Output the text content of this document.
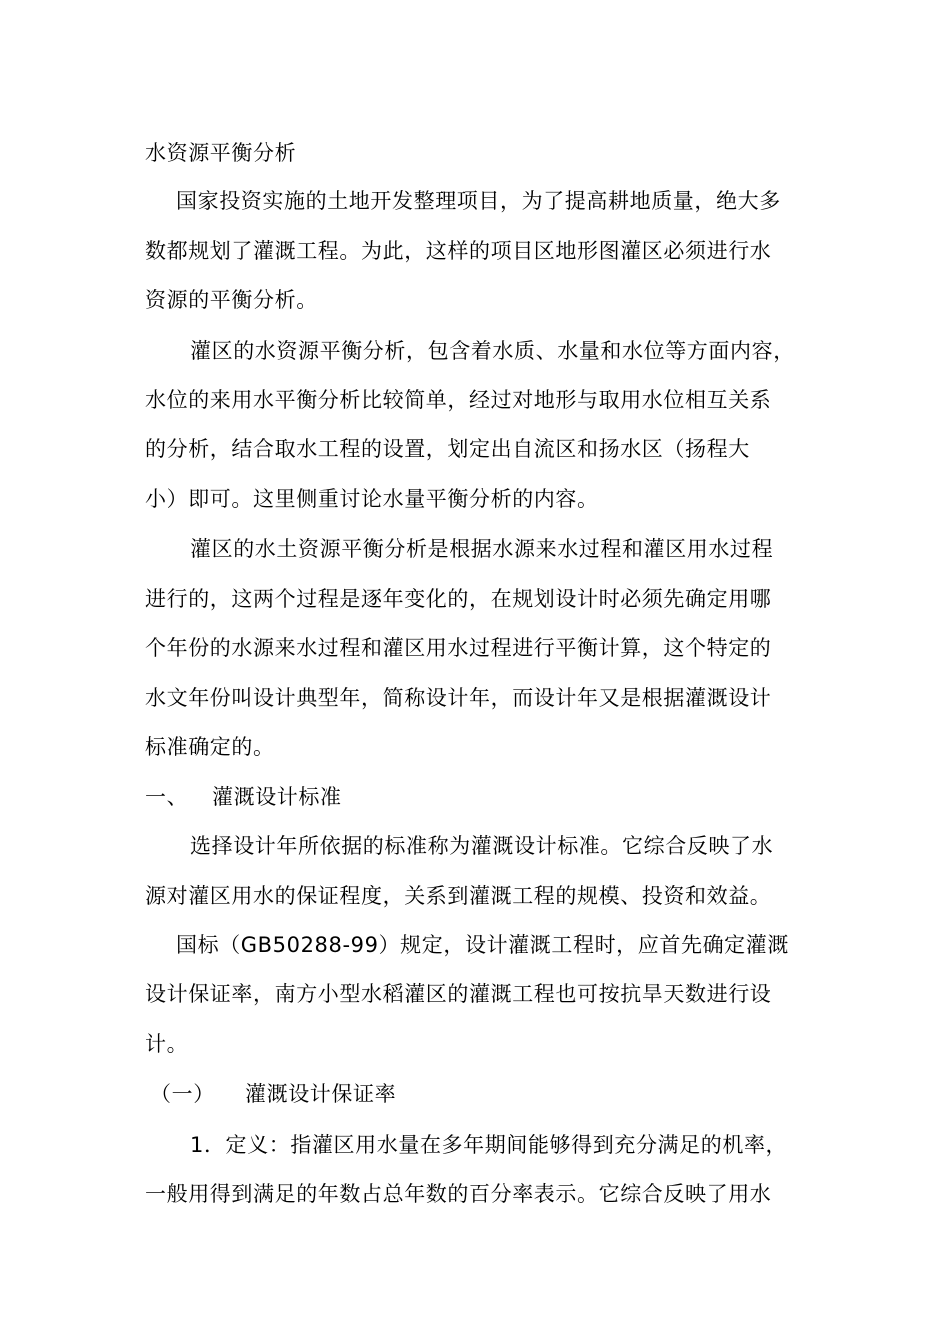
水资源平衡分析
国家投资实施的土地开发整理项目，为了提高耕地质量，绝大多
数都规划了灌溉工程。为此，这样的项目区地形图灌区必须进行水
资源的平衡分析。
灌区的水资源平衡分析，包含着水质、水量和水位等方面内容，
水位的来用水平衡分析比较简单，经过对地形与取用水位相互关系
的分析，结合取水工程的设置，划定出自流区和扬水区（扬程大
小）即可。这里侧重讨论水量平衡分析的内容。
灌区的水土资源平衡分析是根据水源来水过程和灌区用水过程
进行的，这两个过程是逐年变化的，在规划设计时必须先确定用哪
个年份的水源来水过程和灌区用水过程进行平衡计算，这个特定的
水文年份叫设计典型年，简称设计年，而设计年又是根据灌溉设计
标准确定的。
一、 灌溉设计标准
选择设计年所依据的标准称为灌溉设计标准。它综合反映了水
源对灌区用水的保证程度，关系到灌溉工程的规模、投资和效益。
国标（GB50288-99）规定，设计灌溉工程时，应首先确定灌溉
设计保证率，南方小型水稻灌区的灌溉工程也可按抗旱天数进行设
计。
（一） 灌溉设计保证率
1．定义：指灌区用水量在多年期间能够得到充分满足的机率，
一般用得到满足的年数占总年数的百分率表示。它综合反映了用水
